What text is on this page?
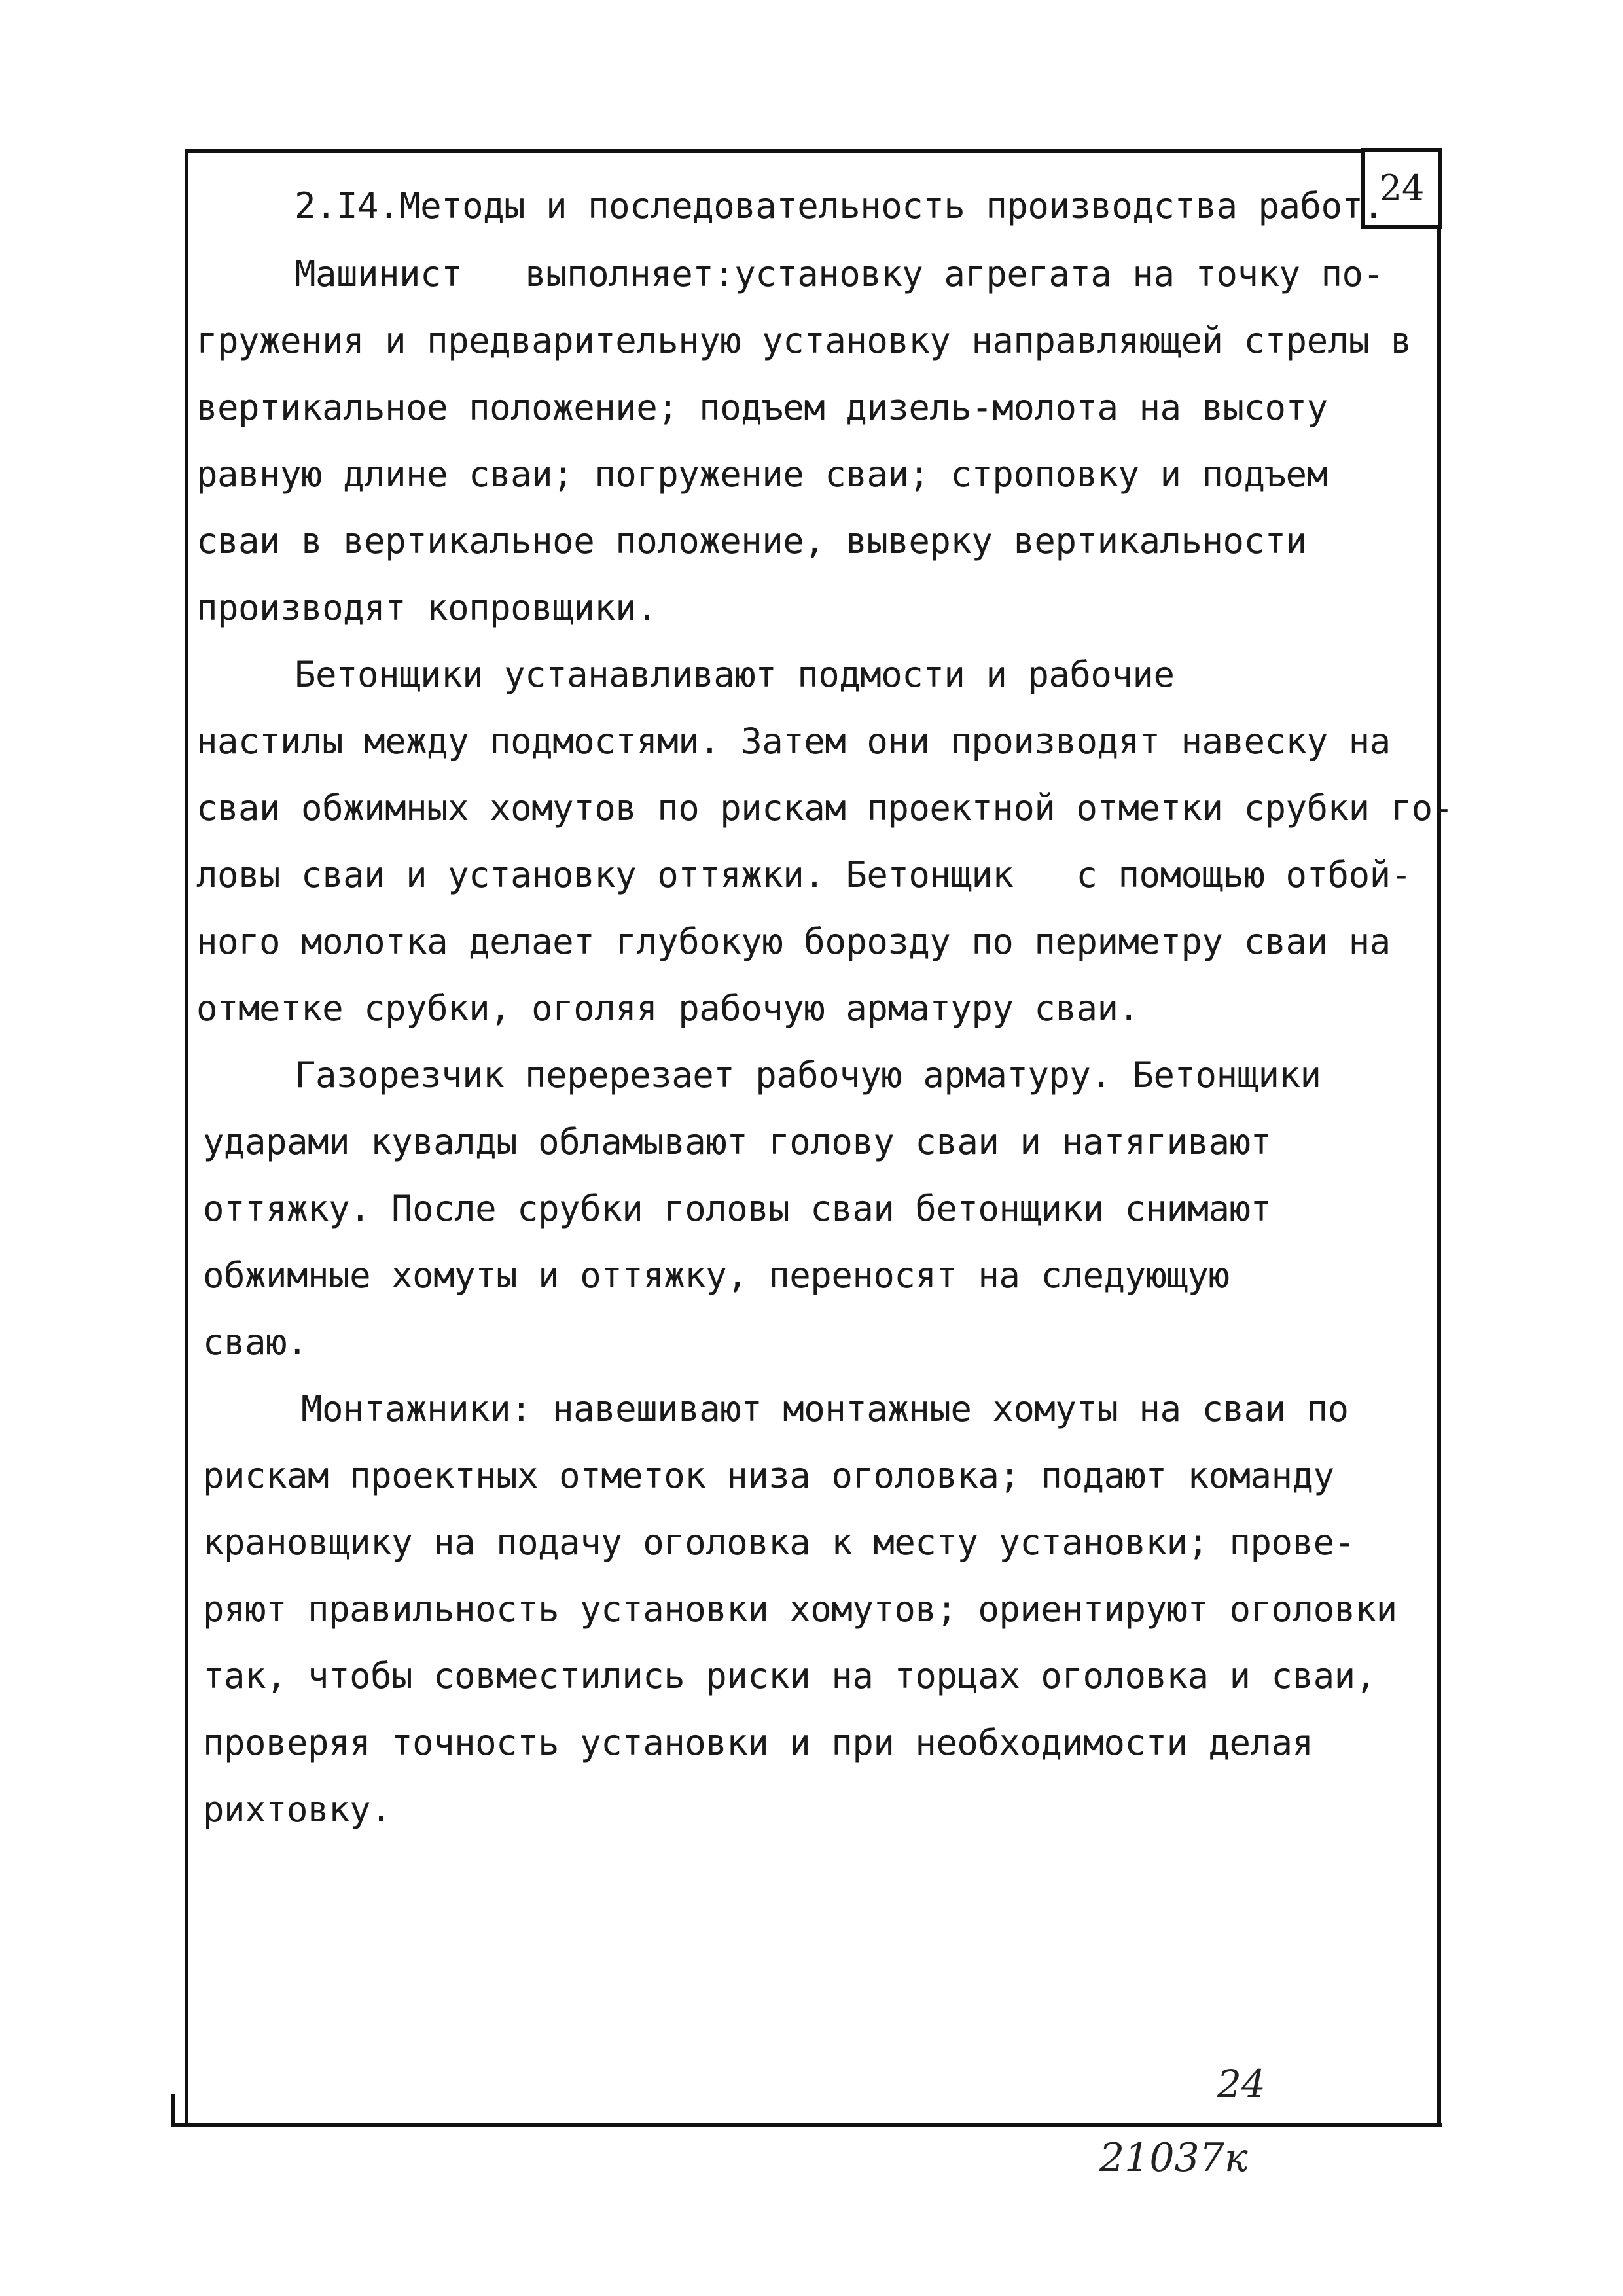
24
2.I4.Методы и последовательность производства работ.
Машинист   выполняет:установку агрегата на точку по-
гружения и предварительную установку направляющей стрелы в
вертикальное положение; подъем дизель-молота на высоту
равную длине сваи; погружение сваи; строповку и подъем
сваи в вертикальное положение, выверку вертикальности
производят копровщики.
Бетонщики устанавливают подмости и рабочие
настилы между подмостями. Затем они производят навеску на
сваи обжимных хомутов по рискам проектной отметки срубки го-
ловы сваи и установку оттяжки. Бетонщик   с помощью отбой-
ного молотка делает глубокую борозду по периметру сваи на
отметке срубки, оголяя рабочую арматуру сваи.
Газорезчик перерезает рабочую арматуру. Бетонщики
ударами кувалды обламывают голову сваи и натягивают
оттяжку. После срубки головы сваи бетонщики снимают
обжимные хомуты и оттяжку, переносят на следующую
сваю.
Монтажники: навешивают монтажные хомуты на сваи по
рискам проектных отметок низа оголовка; подают команду
крановщику на подачу оголовка к месту установки; прове-
ряют правильность установки хомутов; ориентируют оголовки
так, чтобы совместились риски на торцах оголовка и сваи,
проверяя точность установки и при необходимости делая
рихтовку.
24
21037к
